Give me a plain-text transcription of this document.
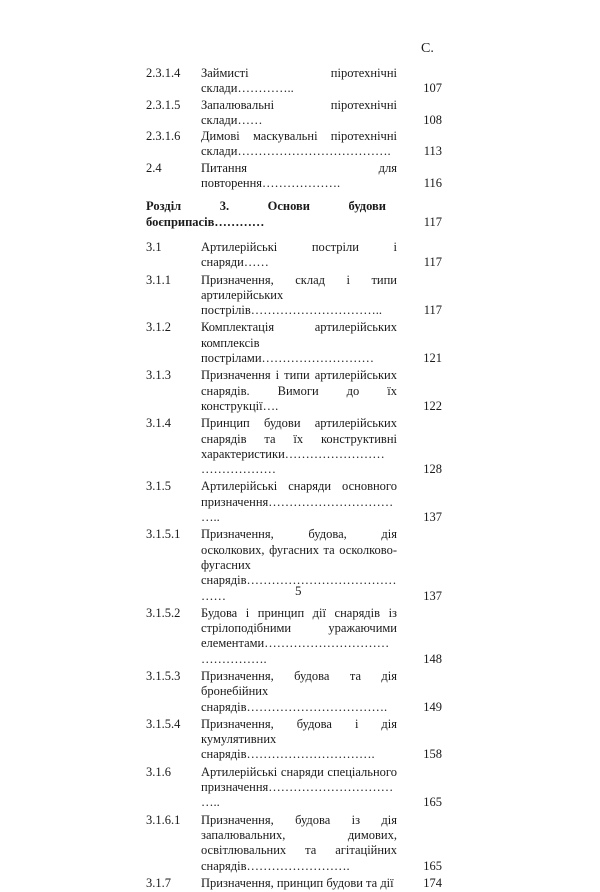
С.
2.3.1.4 Займисті піротехнічні склади…………..	107
2.3.1.5 Запалювальні піротехнічні склади……	108
2.3.1.6 Димові маскувальні піротехнічні склади……………………………….	113
2.4	Питання для повторення……………….	116
Розділ 3. Основи будови боєприпасів…………	117
3.1	Артилерійські постріли і снаряди……	117
3.1.1 Призначення, склад і типи артилерійських пострілів…………………………..	117
3.1.2 Комплектація артилерійських комплексів пострілами………………………	121
3.1.3 Призначення і типи артилерійських снарядів. Вимоги до їх конструкції….	122
3.1.4 Принцип будови артилерійських снарядів та їх конструктивні характеристики……………………………………	128
3.1.5 Артилерійські снаряди основного призначення……………………………..	137
3.1.5.1 Призначення, будова, дія осколкових, фугасних та осколково-фугасних снарядів……………………………………	137
3.1.5.2 Будова і принцип дії снарядів із стрілоподібними уражаючими елементами……………………………………….	148
3.1.5.3 Призначення, будова та дія бронебійних снарядів…………………………….	149
3.1.5.4 Призначення, будова і дія кумулятивних снарядів………………………….	158
3.1.6 Артилерійські снаряди спеціального призначення……………………………..	165
3.1.6.1 Призначення, будова із дія запалювальних, димових, освітлювальних та агітаційних снарядів…………………….	165
3.1.7 Призначення, принцип будови та дії 174
5
